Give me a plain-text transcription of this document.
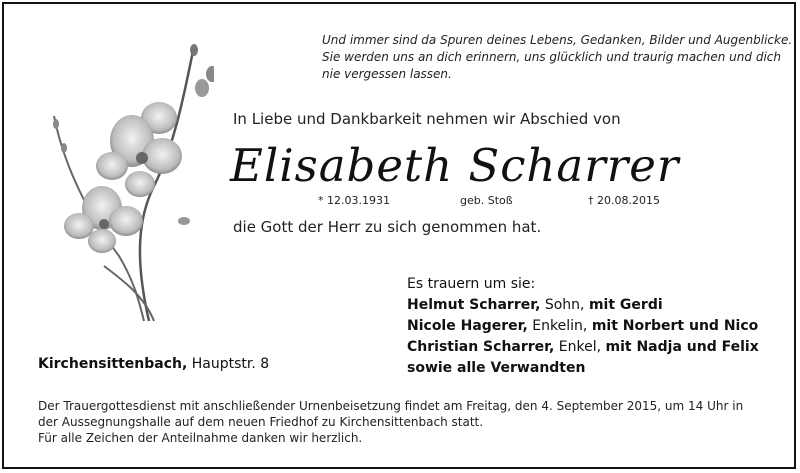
Und immer sind da Spuren deines Lebens, Gedanken, Bilder und Augenblicke.
Sie werden uns an dich erinnern, uns glücklich und traurig machen und dich
nie vergessen lassen.
In Liebe und Dankbarkeit nehmen wir Abschied von
Elisabeth Scharrer
* 12.03.1931	geb. Stoß	† 20.08.2015
die Gott der Herr zu sich genommen hat.
Es trauern um sie:
Helmut Scharrer, Sohn, mit Gerdi
Nicole Hagerer, Enkelin, mit Norbert und Nico
Christian Scharrer, Enkel, mit Nadja und Felix
sowie alle Verwandten
Kirchensittenbach, Hauptstr. 8
Der Trauergottesdienst mit anschließender Urnenbeisetzung findet am Freitag, den 4. September 2015, um 14 Uhr in
der Aussegnungshalle auf dem neuen Friedhof zu Kirchensittenbach statt.
Für alle Zeichen der Anteilnahme danken wir herzlich.
